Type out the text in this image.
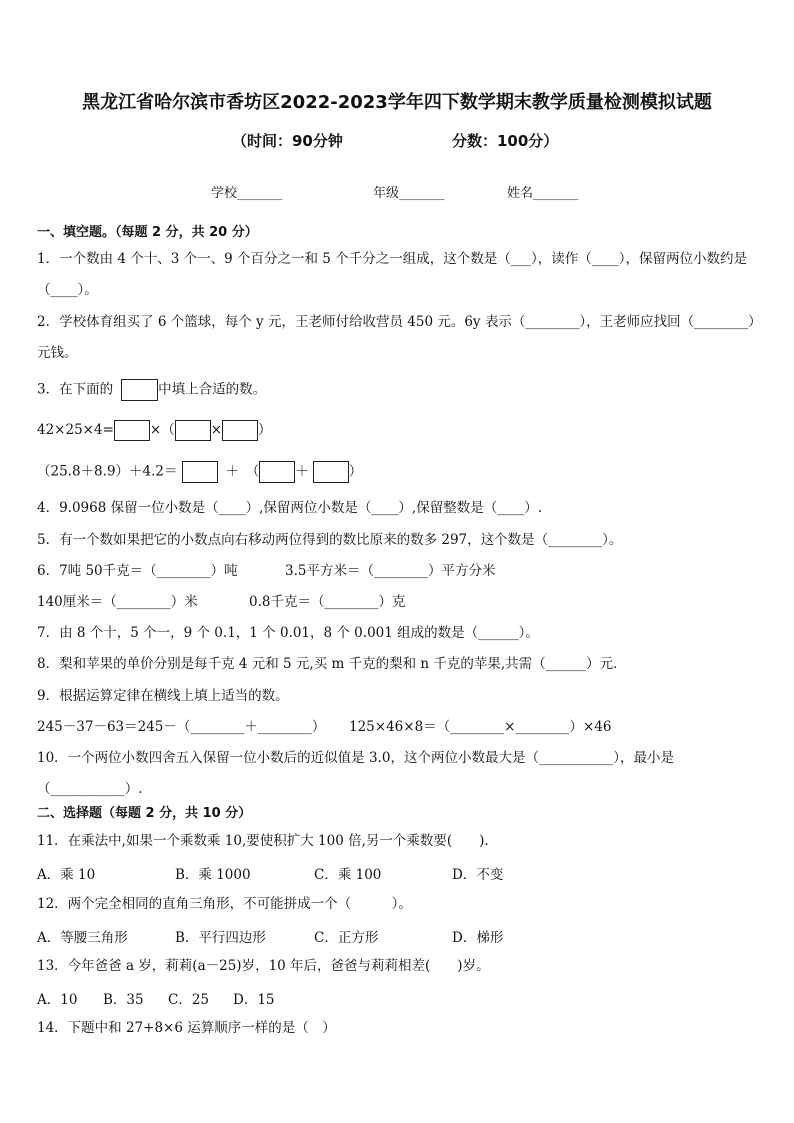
黑龙江省哈尔滨市香坊区2022-2023学年四下数学期末教学质量检测模拟试题
（时间：90分钟	分数：100分）
学校_______	年级_______	姓名_______
一、填空题。（每题 2 分，共 20 分）
1．一个数由 4 个十、3 个一、9 个百分之一和 5 个千分之一组成，这个数是（___），读作（____），保留两位小数约是
（____）。
2．学校体育组买了 6 个篮球，每个 y 元，王老师付给收营员 450 元。6y 表示（________），王老师应找回（________）
元钱。
3．在下面的	中填上合适的数。
42×25×4=	×（	×	）
（25.8＋8.9）＋4.2＝	＋　（	＋	）
4．9.0968 保留一位小数是（____）,保留两位小数是（____）,保留整数是（____）.
5．有一个数如果把它的小数点向右移动两位得到的数比原来的数多 297，这个数是（________）。
6．7吨 50千克＝（________）吨	3.5平方米＝（________）平方分米
140厘米＝（________）米	0.8千克＝（________）克
7．由 8 个十，5 个一，9 个 0.1，1 个 0.01，8 个 0.001 组成的数是（______）。
8．梨和苹果的单价分别是每千克 4 元和 5 元,买 m 千克的梨和 n 千克的苹果,共需（______）元．
9．根据运算定律在横线上填上适当的数。
245－37－63＝245－（________＋________） 125×46×8＝（________×________）×46
10．一个两位小数四舍五入保留一位小数后的近似值是 3.0，这个两位小数最大是（___________），最小是
（___________）.
二、选择题（每题 2 分，共 10 分）
11．在乘法中,如果一个乘数乘 10,要使积扩大 100 倍,另一个乘数要(　　).
A．乘 10	B．乘 1000	C．乘 100	D．不变
12．两个完全相同的直角三角形，不可能拼成一个（　　　）。
A．等腰三角形	B．平行四边形	C．正方形	D．梯形
13．今年爸爸 a 岁，莉莉(a－25)岁，10 年后，爸爸与莉莉相差(　　)岁。
A．10 B．35 C．25 D．15
14．下题中和 27+8×6 运算顺序一样的是（　）
